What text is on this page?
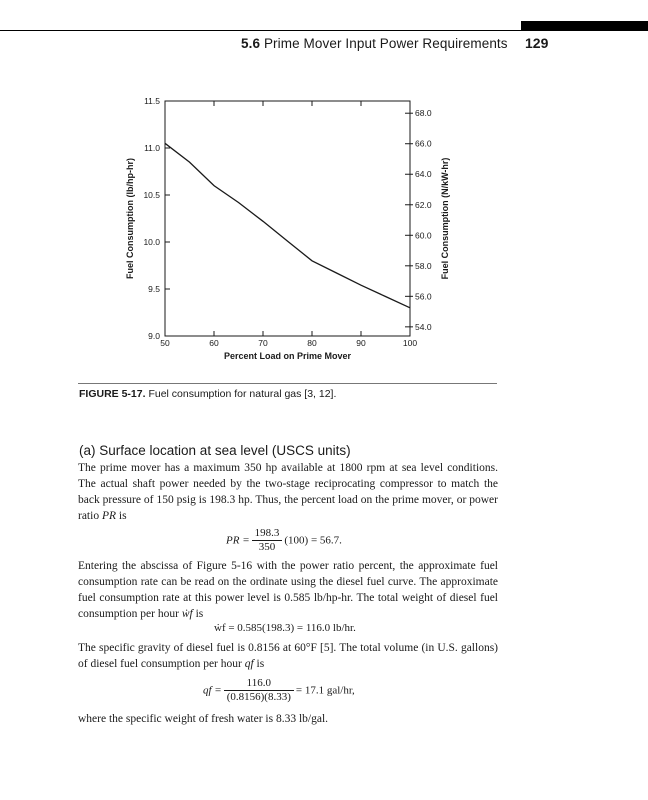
5.6 Prime Mover Input Power Requirements 129
50	60	70	80	90	100
9.0
9.5
10.0
10.5
11.0
11.5
54.0
56.0
58.0
60.0
62.0
64.0
66.0
68.0
Percent Load on Prime Mover
Fuel Consumption (lb/hp-hr)	Fuel Consumption (N/kW-hr)
FIGURE 5-17. Fuel consumption for natural gas [3, 12].
(a) Surface location at sea level (USCS units)
The prime mover has a maximum 350 hp available at 1800 rpm at sea level conditions. The actual shaft power needed by the two-stage reciprocating compressor to match the back pressure of 150 psig is 198.3 hp. Thus, the percent load on the prime mover, or power ratio PR is
PR = $\frac{198.3}{350} (100) = 56.7$.
Entering the abscissa of Figure 5-16 with the power ratio percent, the approximate fuel consumption rate can be read on the ordinate using the diesel fuel curve. The approximate fuel consumption rate at this power level is 0.585 lb/hp-hr. The total weight of diesel fuel consumption per hour ẇf is
ẇf = 0.585(198.3) = 116.0 lb/hr.
The specific gravity of diesel fuel is 0.8156 at 60°F [5]. The total volume (in U.S. gallons) of diesel fuel consumption per hour qf is
qf = $\frac{116.0}{(0.8156)(8.33)} = 17.1$ gal/hr,
where the specific weight of fresh water is 8.33 lb/gal.
